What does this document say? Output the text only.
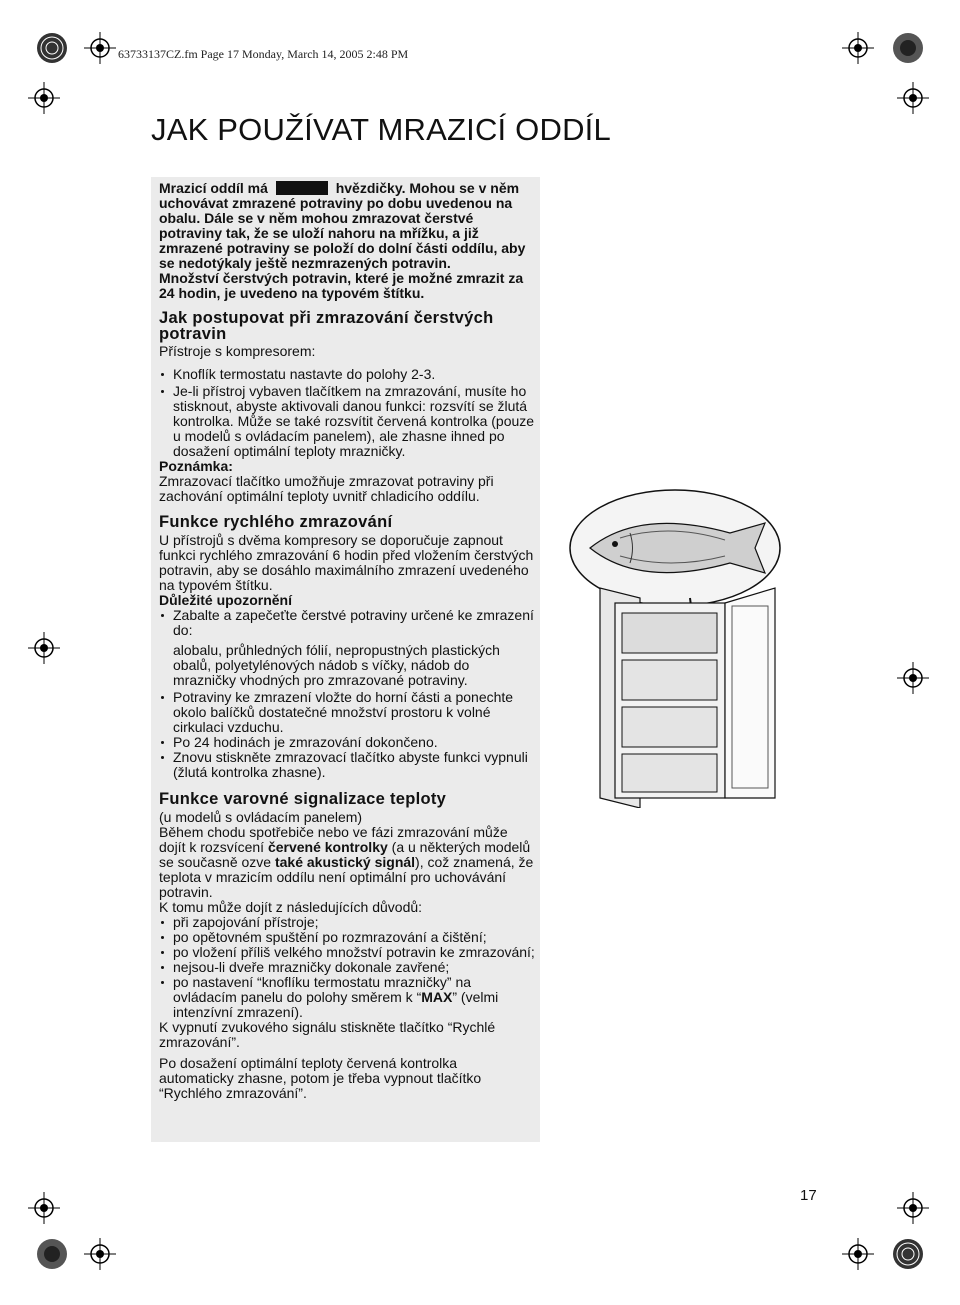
63733137CZ.fm Page 17 Monday, March 14, 2005 2:48 PM
JAK POUŽÍVAT MRAZICÍ ODDÍL

Mrazicí oddíl má	hvězdičky. Mohou se v něm uchovávat zmrazené potraviny po dobu uvedenou na obalu. Dále se v něm mohou zmrazovat čerstvé potraviny tak, že se uloží nahoru na mřížku, a již zmrazené potraviny se položí do dolní části oddílu, aby se nedotýkaly ještě nezmrazených potravin.

Množství čerstvých potravin, které je možné zmrazit za 24 hodin, je uvedeno na typovém štítku.

Jak postupovat při zmrazování čerstvých potravin

Přístroje s kompresorem:

Knoflík termostatu nastavte do polohy 2-3.
Je-li přístroj vybaven tlačítkem na zmrazování, musíte ho stisknout, abyste aktivovali danou funkci: rozsvítí se žlutá kontrolka. Může se také rozsvítit červená kontrolka (pouze u modelů s ovládacím panelem), ale zhasne ihned po dosažení optimální teploty mrazničky.

Poznámka:

Zmrazovací tlačítko umožňuje zmrazovat potraviny při zachování optimální teploty uvnitř chladicího oddílu.

Funkce rychlého zmrazování

U přístrojů s dvěma kompresory se doporučuje zapnout funkci rychlého zmrazování 6 hodin před vložením čerstvých potravin, aby se dosáhlo maximálního zmrazení uvedeného na typovém štítku.

Důležité upozornění

Zabalte a zapečeťte čerstvé potraviny určené ke zmrazení do:

alobalu, průhledných fólií, nepropustných plastických obalů, polyetylénových nádob s víčky, nádob do mrazničky vhodných pro zmrazované potraviny.

Potraviny ke zmrazení vložte do horní části a ponechte okolo balíčků dostatečné množství prostoru k volné cirkulaci vzduchu.
Po 24 hodinách je zmrazování dokončeno.
Znovu stiskněte zmrazovací tlačítko abyste funkci vypnuli (žlutá kontrolka zhasne).

Funkce varovné signalizace teploty

(u modelů s ovládacím panelem)

Během chodu spotřebiče nebo ve fázi zmrazování může dojít k rozsvícení červené kontrolky (a u některých modelů se současně ozve také akustický signál), což znamená, že teplota v mrazicím oddílu není optimální pro uchovávání potravin.

K tomu může dojít z následujících důvodů:

při zapojování přístroje;
po opětovném spuštění po rozmrazování a čištění;
po vložení příliš velkého množství potravin ke zmrazování;
nejsou-li dveře mrazničky dokonale zavřené;
po nastavení “knoflíku termostatu mrazničky” na ovládacím panelu do polohy směrem k “MAX” (velmi intenzívní zmrazení).

K vypnutí zvukového signálu stiskněte tlačítko “Rychlé zmrazování”.

Po dosažení optimální teploty červená kontrolka automaticky zhasne, potom je třeba vypnout tlačítko “Rychlého zmrazování”.

17
